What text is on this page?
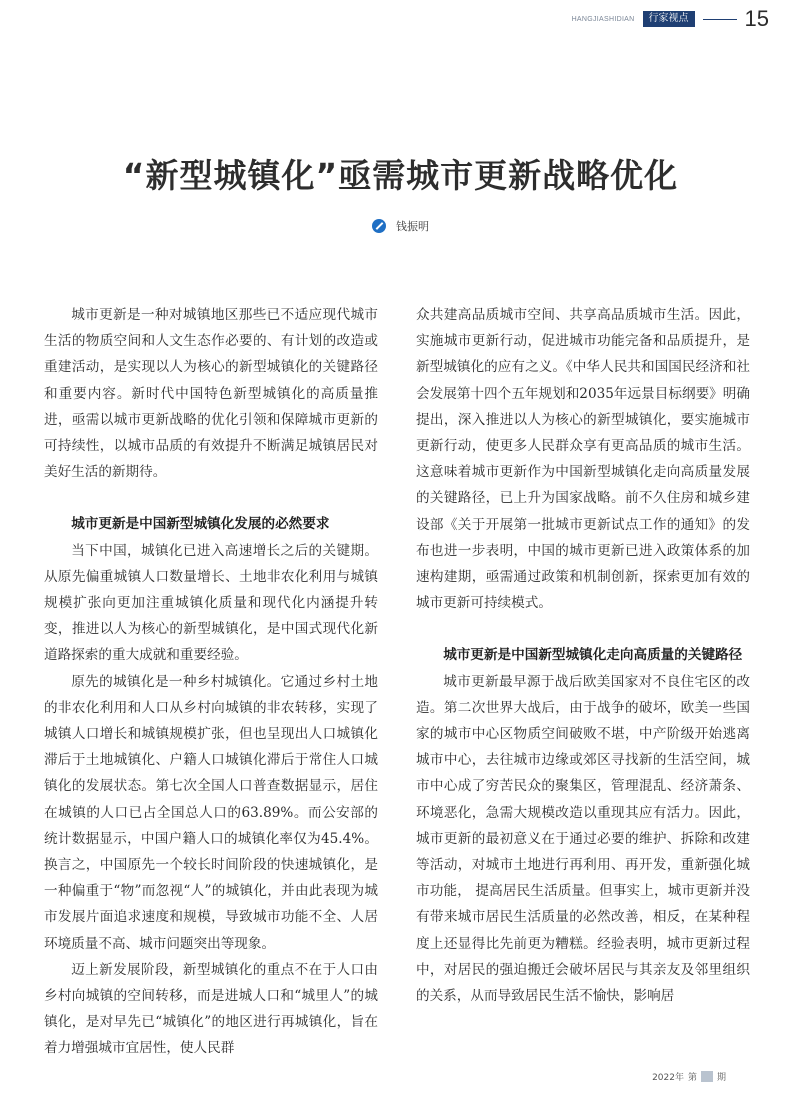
HANGJIASHIDIAN	行家视点	15
“新型城镇化”亟需城市更新战略优化
钱振明

城市更新是一种对城镇地区那些已不适应现代城市生活的物质空间和人文生态作必要的、有计划的改造或重建活动，是实现以人为核心的新型城镇化的关键路径和重要内容。新时代中国特色新型城镇化的高质量推进，亟需以城市更新战略的优化引领和保障城市更新的可持续性，以城市品质的有效提升不断满足城镇居民对美好生活的新期待。

城市更新是中国新型城镇化发展的必然要求

当下中国，城镇化已进入高速增长之后的关键期。从原先偏重城镇人口数量增长、土地非农化利用与城镇规模扩张向更加注重城镇化质量和现代化内涵提升转变，推进以人为核心的新型城镇化，是中国式现代化新道路探索的重大成就和重要经验。

原先的城镇化是一种乡村城镇化。它通过乡村土地的非农化利用和人口从乡村向城镇的非农转移，实现了城镇人口增长和城镇规模扩张，但也呈现出人口城镇化滞后于土地城镇化、户籍人口城镇化滞后于常住人口城镇化的发展状态。第七次全国人口普查数据显示，居住在城镇的人口已占全国总人口的63.89%。而公安部的统计数据显示，中国户籍人口的城镇化率仅为45.4%。换言之，中国原先一个较长时间阶段的快速城镇化，是一种偏重于“物”而忽视“人”的城镇化，并由此表现为城市发展片面追求速度和规模，导致城市功能不全、人居环境质量不高、城市问题突出等现象。

迈上新发展阶段，新型城镇化的重点不在于人口由乡村向城镇的空间转移，而是进城人口和“城里人”的城镇化，是对早先已“城镇化”的地区进行再城镇化，旨在着力增强城市宜居性，使人民群

众共建高品质城市空间、共享高品质城市生活。因此，实施城市更新行动，促进城市功能完备和品质提升，是新型城镇化的应有之义。《中华人民共和国国民经济和社会发展第十四个五年规划和2035年远景目标纲要》明确提出，深入推进以人为核心的新型城镇化，要实施城市更新行动，使更多人民群众享有更高品质的城市生活。这意味着城市更新作为中国新型城镇化走向高质量发展的关键路径，已上升为国家战略。前不久住房和城乡建设部《关于开展第一批城市更新试点工作的通知》的发布也进一步表明，中国的城市更新已进入政策体系的加速构建期，亟需通过政策和机制创新，探索更加有效的城市更新可持续模式。

城市更新是中国新型城镇化走向高质量的关键路径

城市更新最早源于战后欧美国家对不良住宅区的改造。第二次世界大战后，由于战争的破坏，欧美一些国家的城市中心区物质空间破败不堪，中产阶级开始逃离城市中心，去往城市边缘或郊区寻找新的生活空间，城市中心成了穷苦民众的聚集区，管理混乱、经济萧条、环境恶化，急需大规模改造以重现其应有活力。因此，城市更新的最初意义在于通过必要的维护、拆除和改建等活动，对城市土地进行再利用、再开发，重新强化城市功能， 提高居民生活质量。但事实上，城市更新并没有带来城市居民生活质量的必然改善，相反，在某种程度上还显得比先前更为糟糕。经验表明，城市更新过程中，对居民的强迫搬迁会破坏居民与其亲友及邻里组织的关系，从而导致居民生活不愉快，影响居

2022年 第 期
